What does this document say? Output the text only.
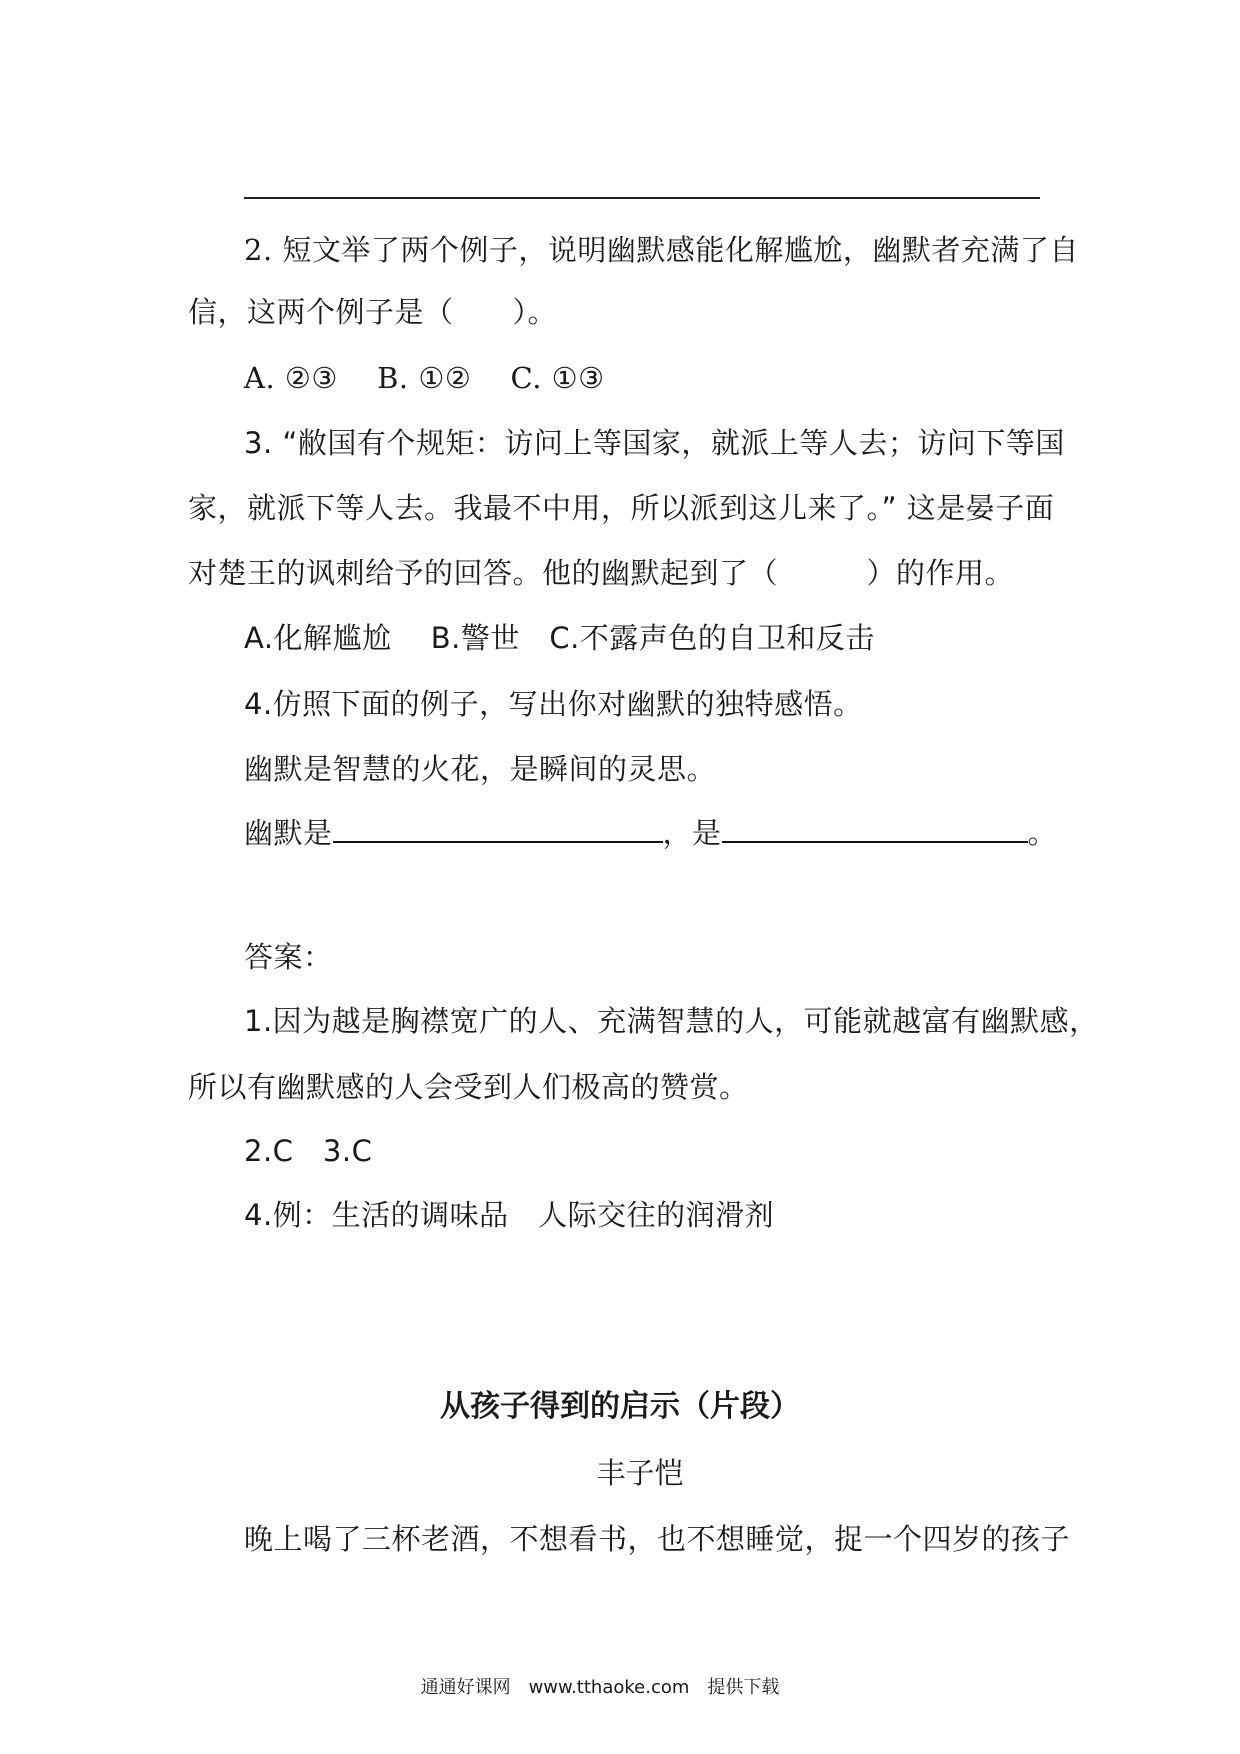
2. 短文举了两个例子，说明幽默感能化解尴尬，幽默者充满了自
信，这两个例子是（　　）。
A. ②③　 B. ①②　 C. ①③
3. “敝国有个规矩：访问上等国家，就派上等人去；访问下等国
家，就派下等人去。我最不中用，所以派到这儿来了。” 这是晏子面
对楚王的讽刺给予的回答。他的幽默起到了（　　　）的作用。
A.化解尴尬　 B.警世　C.不露声色的自卫和反击
4.仿照下面的例子，写出你对幽默的独特感悟。
幽默是智慧的火花，是瞬间的灵思。
幽默是	，是	。
答案：
1.因为越是胸襟宽广的人、充满智慧的人，可能就越富有幽默感，
所以有幽默感的人会受到人们极高的赞赏。
2.C　3.C
4.例：生活的调味品　人际交往的润滑剂
从孩子得到的启示（片段）
丰子恺
晚上喝了三杯老酒，不想看书，也不想睡觉，捉一个四岁的孩子
通通好课网　www.tthaoke.com　提供下载
